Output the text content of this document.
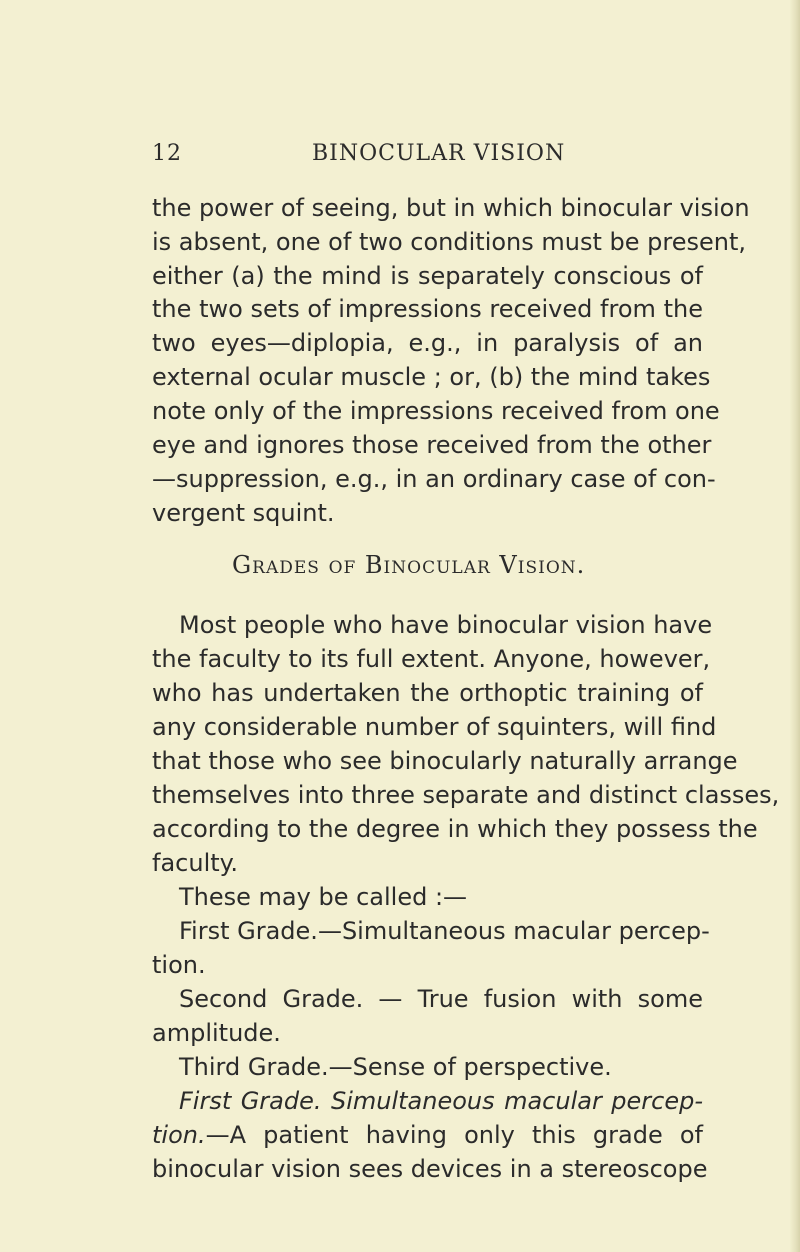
12	BINOCULAR VISION
the power of seeing, but in which binocular vision
is absent, one of two conditions must be present,
either (a) the mind is separately conscious of
the two sets of impressions received from the
two eyes—diplopia, e.g., in paralysis of an
external ocular muscle ; or, (b) the mind takes
note only of the impressions received from one
eye and ignores those received from the other
—suppression, e.g., in an ordinary case of con-
vergent squint.
Grades of Binocular Vision.
Most people who have binocular vision have
the faculty to its full extent. Anyone, however,
who has undertaken the orthoptic training of
any considerable number of squinters, will find
that those who see binocularly naturally arrange
themselves into three separate and distinct classes,
according to the degree in which they possess the
faculty.
These may be called :—
First Grade.—Simultaneous macular percep-
tion.
Second Grade. — True fusion with some
amplitude.
Third Grade.—Sense of perspective.
First Grade. Simultaneous macular percep-
tion. —A patient having only this grade of
binocular vision sees devices in a stereoscope
